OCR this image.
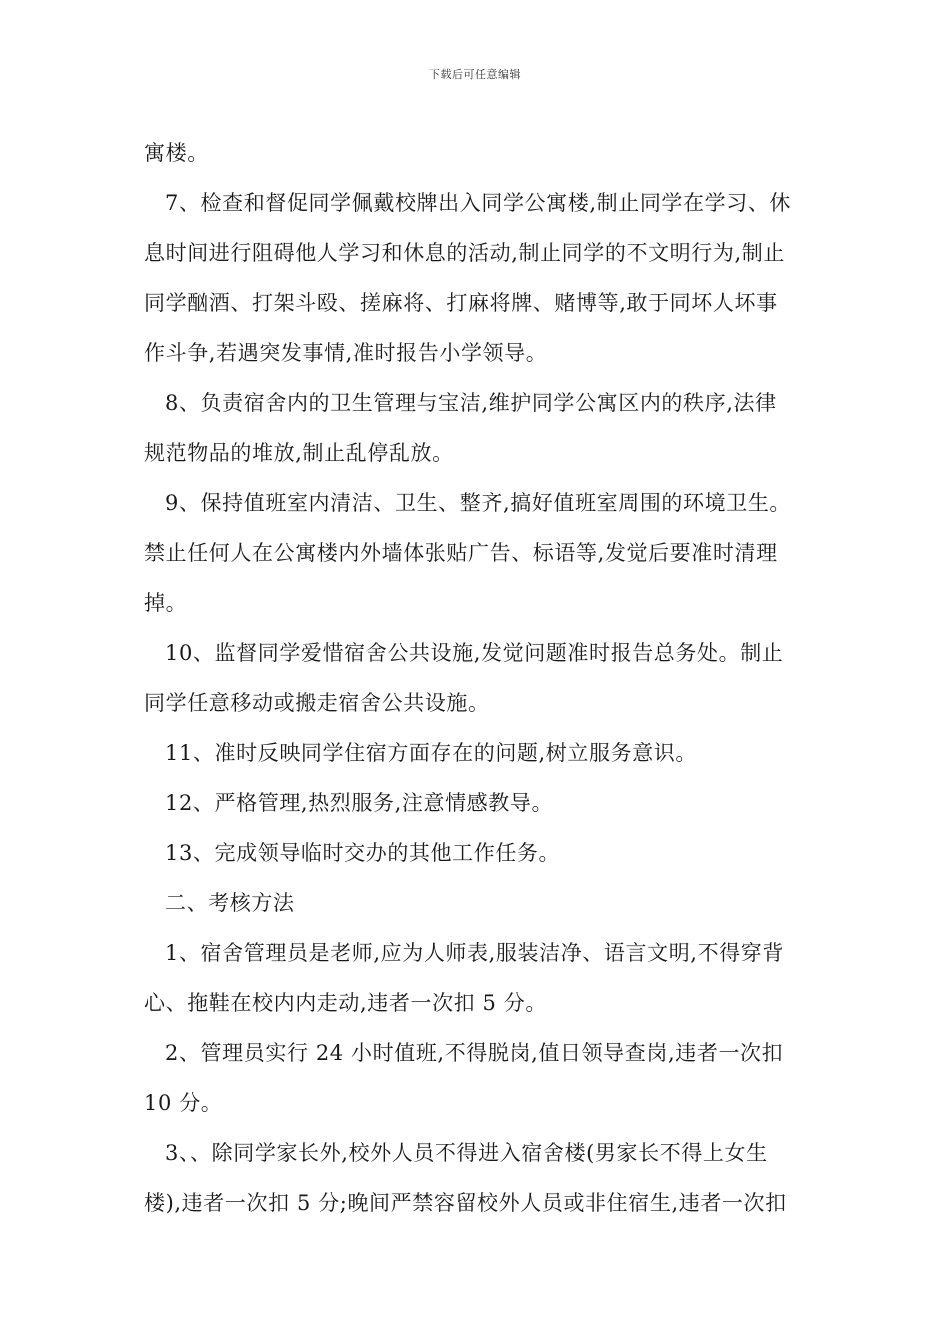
下载后可任意编辑
寓楼。
7、检查和督促同学佩戴校牌出入同学公寓楼,制止同学在学习、休
息时间进行阻碍他人学习和休息的活动,制止同学的不文明行为,制止
同学酗酒、打架斗殴、搓麻将、打麻将牌、赌博等,敢于同坏人坏事
作斗争,若遇突发事情,准时报告小学领导。
8、负责宿舍内的卫生管理与宝洁,维护同学公寓区内的秩序,法律
规范物品的堆放,制止乱停乱放。
9、保持值班室内清洁、卫生、整齐,搞好值班室周围的环境卫生。
禁止任何人在公寓楼内外墙体张贴广告、标语等,发觉后要准时清理
掉。
10、监督同学爱惜宿舍公共设施,发觉问题准时报告总务处。制止
同学任意移动或搬走宿舍公共设施。
11、准时反映同学住宿方面存在的问题,树立服务意识。
12、严格管理,热烈服务,注意情感教导。
13、完成领导临时交办的其他工作任务。
二、考核方法
1、宿舍管理员是老师,应为人师表,服装洁净、语言文明,不得穿背
心、拖鞋在校内内走动,违者一次扣 5 分。
2、管理员实行 24 小时值班,不得脱岗,值日领导查岗,违者一次扣
10 分。
3、、除同学家长外,校外人员不得进入宿舍楼(男家长不得上女生
楼),违者一次扣 5 分;晚间严禁容留校外人员或非住宿生,违者一次扣
